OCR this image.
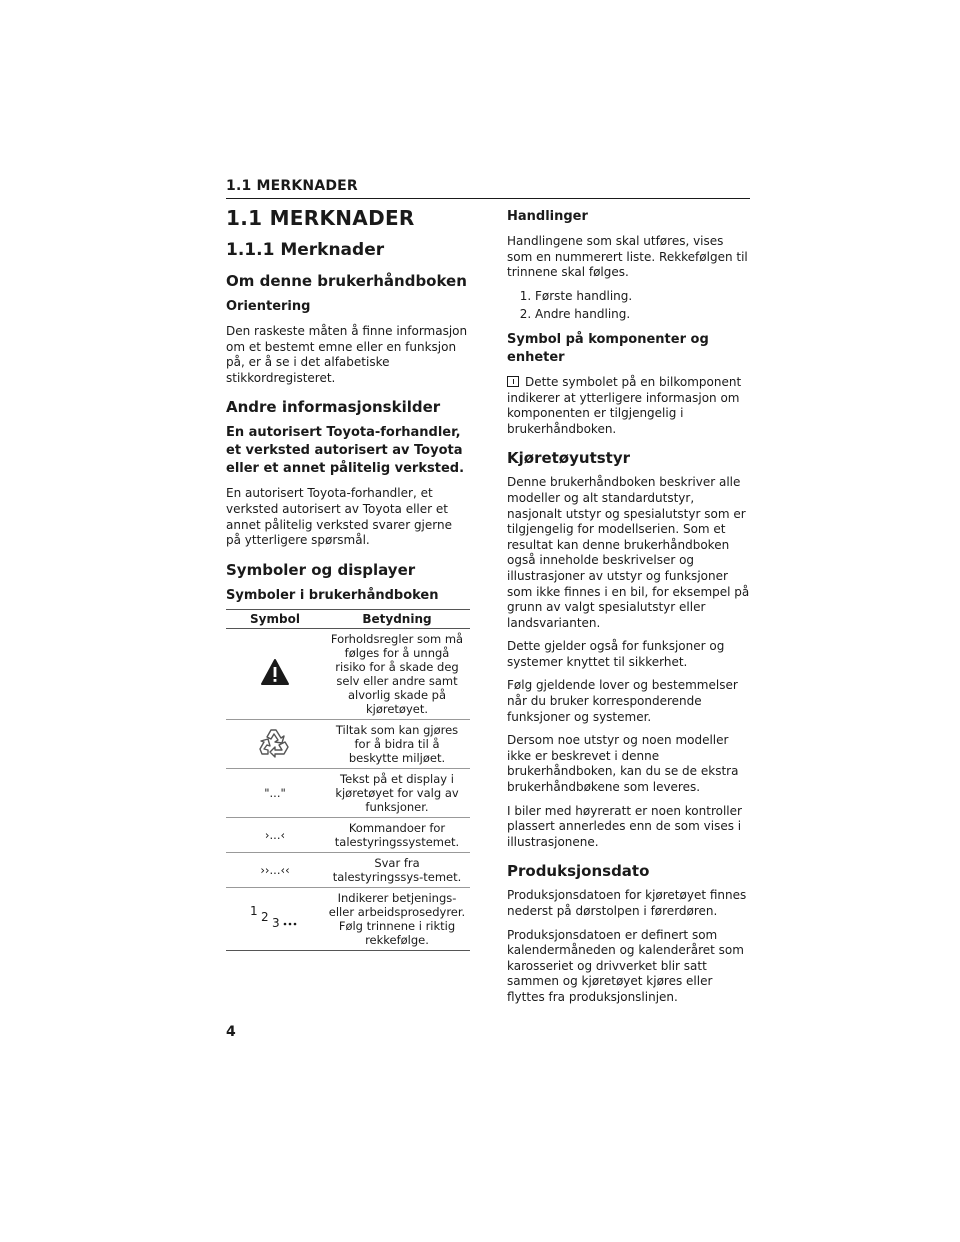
1.1 MERKNADER
1.1 MERKNADER
1.1.1 Merknader
Om denne brukerhåndboken
Orientering

Den raskeste måten å finne informasjon om et bestemt emne eller en funksjon på, er å se i det alfabetiske stikkordregisteret.

Andre informasjonskilder
En autorisert Toyota-forhandler, et verksted autorisert av Toyota eller et annet pålitelig verksted.

En autorisert Toyota-forhandler, et verksted autorisert av Toyota eller et annet pålitelig verksted svarer gjerne på ytterligere spørsmål.

Symboler og displayer
Symboler i brukerhåndboken
Symbol	Betydning
	Forholdsregler som må følges for å unngå risiko for å skade deg selv eller andre samt alvorlig skade på kjøretøyet.
	Tiltak som kan gjøres for å bidra til å beskytte miljøet.
"..."	Tekst på et display i kjøretøyet for valg av funksjoner.
›...‹	Kommandoer for talestyringssystemet.
››...‹‹	Svar fra talestyringssys-temet.

1 2 3	Indikerer betjenings-eller arbeidsprosedyrer. Følg trinnene i riktig rekkefølge.
Handlinger

Handlingene som skal utføres, vises som en nummerert liste. Rekkefølgen til trinnene skal følges.

1. Første handling.
2. Andre handling.
Symbol på komponenter og enheter

Dette symbolet på en bilkomponent indikerer at ytterligere informasjon om komponenten er tilgjengelig i brukerhåndboken.

Kjøretøyutstyr

Denne brukerhåndboken beskriver alle modeller og alt standardutstyr, nasjonalt utstyr og spesialutstyr som er tilgjengelig for modellserien. Som et resultat kan denne brukerhåndboken også inneholde beskrivelser og illustrasjoner av utstyr og funksjoner som ikke finnes i en bil, for eksempel på grunn av valgt spesialutstyr eller landsvarianten.

Dette gjelder også for funksjoner og systemer knyttet til sikkerhet.

Følg gjeldende lover og bestemmelser når du bruker korresponderende funksjoner og systemer.

Dersom noe utstyr og noen modeller ikke er beskrevet i denne brukerhåndboken, kan du se de ekstra brukerhåndbøkene som leveres.

I biler med høyreratt er noen kontroller plassert annerledes enn de som vises i illustrasjonene.

Produksjonsdato

Produksjonsdatoen for kjøretøyet finnes nederst på dørstolpen i førerdøren.

Produksjonsdatoen er definert som kalendermåneden og kalenderåret som karosseriet og drivverket blir satt sammen og kjøretøyet kjøres eller flyttes fra produksjonslinjen.

4
